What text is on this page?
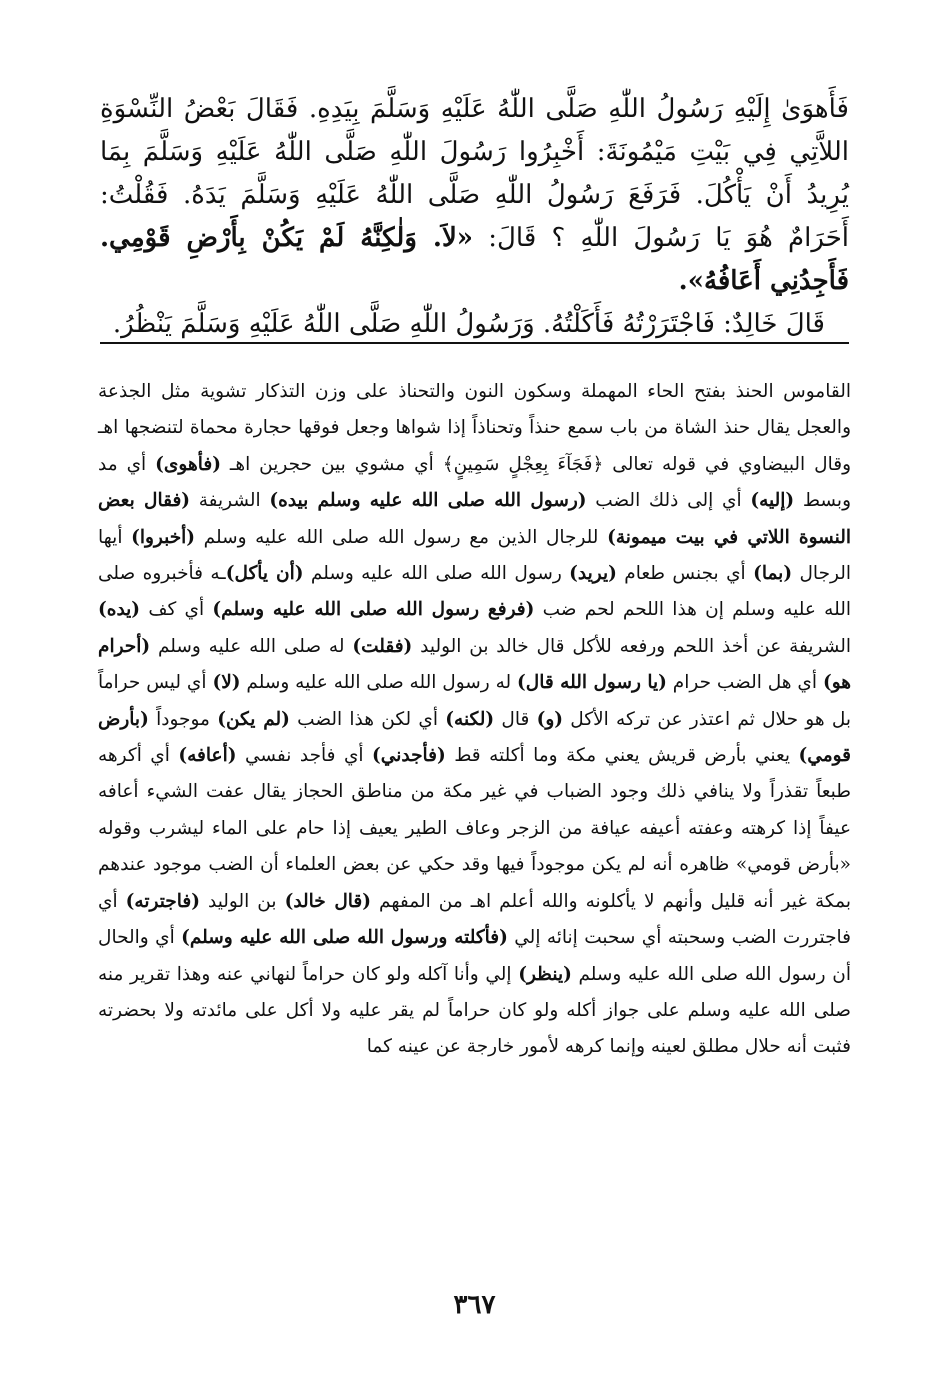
فَأَهوَىٰ إِلَيْهِ رَسُولُ اللّٰهِ صَلَّى اللّٰهُ عَلَيْهِ وَسَلَّمَ بِيَدِهِ. فَقَالَ بَعْضُ النِّسْوَةِ اللاَّتِي فِي بَيْتِ مَيْمُونَةَ: أَخْبِرُوا رَسُولَ اللّٰهِ صَلَّى اللّٰهُ عَلَيْهِ وَسَلَّمَ بِمَا يُرِيدُ أَنْ يَأْكُلَ. فَرَفَعَ رَسُولُ اللّٰهِ صَلَّى اللّٰهُ عَلَيْهِ وَسَلَّمَ يَدَهُ. فَقُلْتُ: أَحَرَامٌ هُوَ يَا رَسُولَ اللّٰهِ ؟ قَالَ: «لاَ. وَلٰكِنَّهُ لَمْ يَكُنْ بِأَرْضِ قَوْمِي. فَأَجِدُنِي أَعَافُهُ».

قَالَ خَالِدٌ: فَاجْتَرَرْتُهُ فَأَكَلْتُهُ. وَرَسُولُ اللّٰهِ صَلَّى اللّٰهُ عَلَيْهِ وَسَلَّمَ يَنْظُرُ.

القاموس الحنذ بفتح الحاء المهملة وسكون النون والتحناذ على وزن التذكار تشوية مثل الجذعة والعجل يقال حنذ الشاة من باب سمع حنذاً وتحناذاً إذا شواها وجعل فوقها حجارة محماة لتنضجها اهـ وقال البيضاوي في قوله تعالى ﴿فَجَآءَ بِعِجْلٍ سَمِينٍ﴾ أي مشوي بين حجرين اهـ (فأهوى) أي مد وبسط (إليه) أي إلى ذلك الضب (رسول الله صلى الله عليه وسلم بيده) الشريفة (فقال بعض النسوة اللاتي في بيت ميمونة) للرجال الذين مع رسول الله صلى الله عليه وسلم (أخبروا) أيها الرجال (بما) أي بجنس طعام (يريد) رسول الله صلى الله عليه وسلم (أن يأكل)ـه فأخبروه صلى الله عليه وسلم إن هذا اللحم لحم ضب (فرفع رسول الله صلى الله عليه وسلم) أي كف (يده) الشريفة عن أخذ اللحم ورفعه للأكل قال خالد بن الوليد (فقلت) له صلى الله عليه وسلم (أحرام هو) أي هل الضب حرام (يا رسول الله قال) له رسول الله صلى الله عليه وسلم (لا) أي ليس حراماً بل هو حلال ثم اعتذر عن تركه الأكل (و) قال (لكنه) أي لكن هذا الضب (لم يكن) موجوداً (بأرض قومي) يعني بأرض قريش يعني مكة وما أكلته قط (فأجدني) أي فأجد نفسي (أعافه) أي أكرهه طبعاً تقذراً ولا ينافي ذلك وجود الضباب في غير مكة من مناطق الحجاز يقال عفت الشيء أعافه عيفاً إذا كرهته وعفته أعيفه عيافة من الزجر وعاف الطير يعيف إذا حام على الماء ليشرب وقوله «بأرض قومي» ظاهره أنه لم يكن موجوداً فيها وقد حكي عن بعض العلماء أن الضب موجود عندهم بمكة غير أنه قليل وأنهم لا يأكلونه والله أعلم اهـ من المفهم (قال خالد) بن الوليد (فاجترته) أي فاجتررت الضب وسحبته أي سحبت إنائه إلي (فأكلته ورسول الله صلى الله عليه وسلم) أي والحال أن رسول الله صلى الله عليه وسلم (ينظر) إلي وأنا آكله ولو كان حراماً لنهاني عنه وهذا تقرير منه صلى الله عليه وسلم على جواز أكله ولو كان حراماً لم يقر عليه ولا أكل على مائدته ولا بحضرته فثبت أنه حلال مطلق لعينه وإنما كرهه لأمور خارجة عن عينه كما

٣٦٧
